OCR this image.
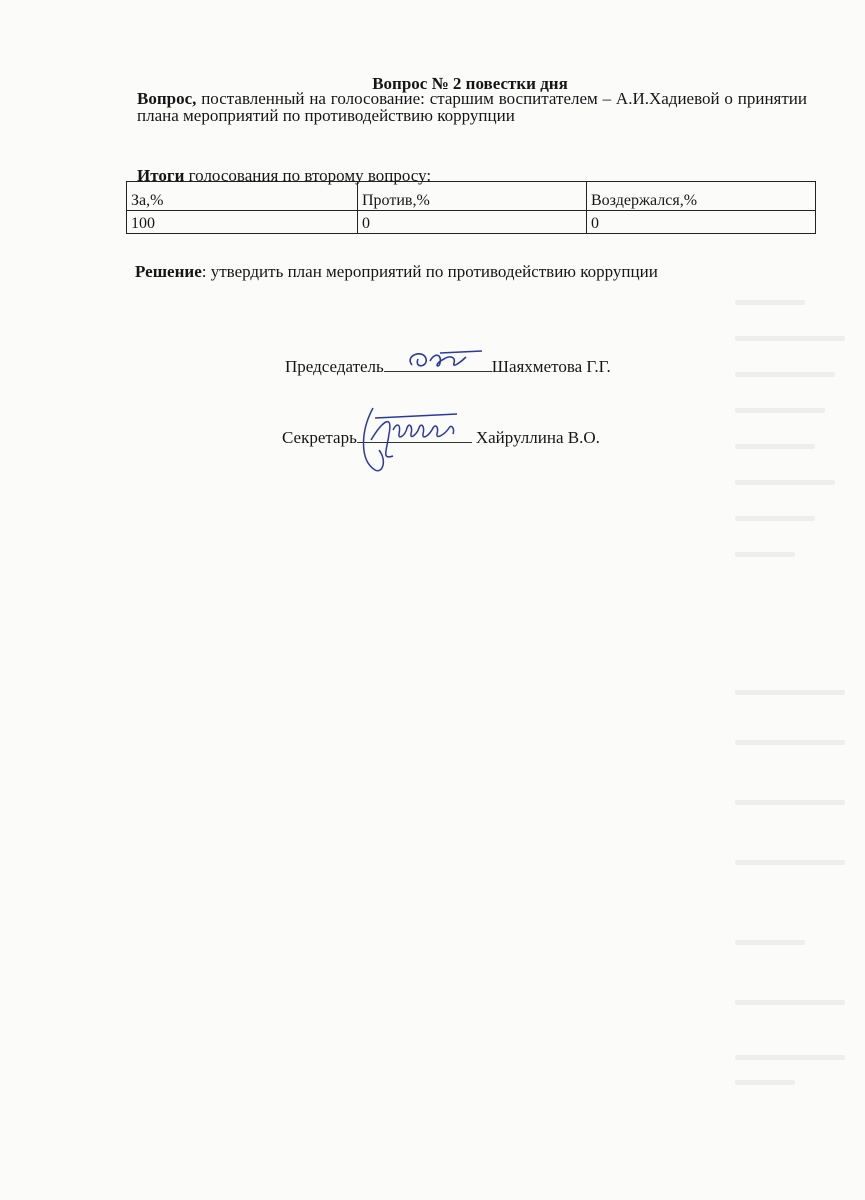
Вопрос № 2 повестки дня
Вопрос, поставленный на голосование: старшим воспитателем – А.И.Хадиевой о принятии плана мероприятий по противодействию коррупции
Итоги голосования по второму вопросу:
За,%	Против,%	Воздержался,%
100	0	0
Решение: утвердить план мероприятий по противодействию коррупции
Председатель	Шаяхметова Г.Г.
Секретарь	Хайруллина В.О.
